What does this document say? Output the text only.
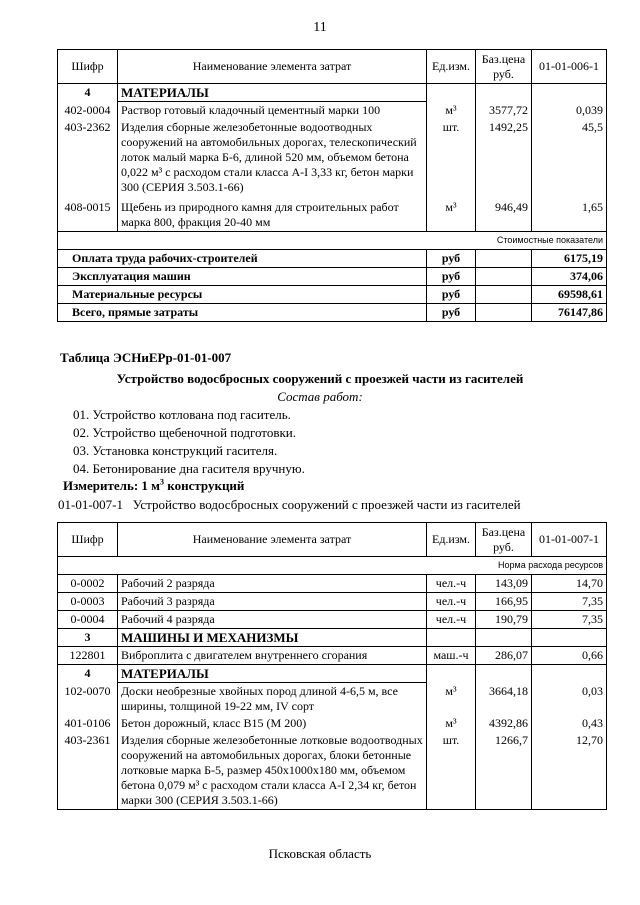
11
Шифр	Наименование элемента затрат	Ед.изм.	Баз.цена руб.	01-01-006-1
4	МАТЕРИАЛЫ			
402-0004	Раствор готовый кладочный цементный марки 100	м³	3577,72	0,039
403-2362	Изделия сборные железобетонные водоотводных сооружений на автомобильных дорогах, телескопический лоток малый марка Б-6, длиной 520 мм, объемом бетона 0,022 м³ с расходом стали класса А-I 3,33 кг, бетон марки 300 (СЕРИЯ 3.503.1-66)	шт.	1492,25	45,5
408-0015	Щебень из природного камня для строительных работ марка 800, фракция 20-40 мм	м³	946,49	1,65
Стоимостные показатели				
Оплата труда рабочих-строителей		руб		6175,19
Эксплуатация машин		руб		374,06
Материальные ресурсы		руб		69598,61
Всего, прямые затраты		руб		76147,86
Таблица ЭСНиЕРр-01-01-007
Устройство водосбросных сооружений с проезжей части из гасителей
Состав работ:
01. Устройство котлована под гаситель.
02. Устройство щебеночной подготовки.
03. Установка конструкций гасителя.
04. Бетонирование дна гасителя вручную.
Измеритель: 1 $м^3$ конструкций
01-01-007-1   Устройство водосбросных сооружений с проезжей части из гасителей
Шифр	Наименование элемента затрат	Ед.изм.	Баз.цена руб.	01-01-007-1
Норма расхода ресурсов				
0-0002	Рабочий 2 разряда	чел.-ч	143,09	14,70
0-0003	Рабочий 3 разряда	чел.-ч	166,95	7,35
0-0004	Рабочий 4 разряда	чел.-ч	190,79	7,35
3	МАШИНЫ И МЕХАНИЗМЫ			
122801	Виброплита с двигателем внутреннего сгорания	маш.-ч	286,07	0,66
4	МАТЕРИАЛЫ			
102-0070	Доски необрезные хвойных пород длиной 4-6,5 м, все ширины, толщиной 19-22 мм, IV сорт	м³	3664,18	0,03
401-0106	Бетон дорожный, класс B15 (М 200)	м³	4392,86	0,43
403-2361	Изделия сборные железобетонные лотковые водоотводных сооружений на автомобильных дорогах, блоки бетонные лотковые марка Б-5, размер 450х1000х180 мм, объемом бетона 0,079 м³ с расходом стали класса А-I 2,34 кг, бетон марки 300 (СЕРИЯ 3.503.1-66)	шт.	1266,7	12,70
Псковская область
